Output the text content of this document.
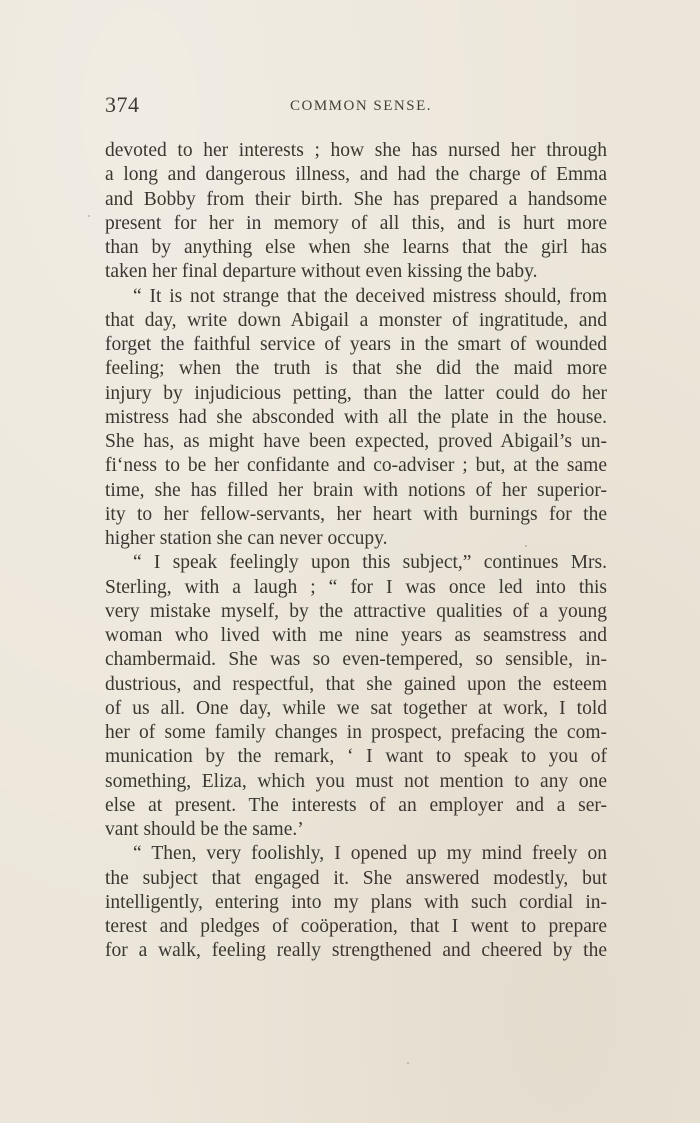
374	COMMON SENSE.
devoted to her interests ; how she has nursed her through
a long and dangerous illness, and had the charge of Emma
and Bobby from their birth. She has prepared a handsome
present for her in memory of all this, and is hurt more
than by anything else when she learns that the girl has
taken her final departure without even kissing the baby.
“ It is not strange that the deceived mistress should, from
that day, write down Abigail a monster of ingratitude, and
forget the faithful service of years in the smart of wounded
feeling; when the truth is that she did the maid more
injury by injudicious petting, than the latter could do her
mistress had she absconded with all the plate in the house.
She has, as might have been expected, proved Abigail’s un-
fi‘ness to be her confidante and co-adviser ; but, at the same
time, she has filled her brain with notions of her superior-
ity to her fellow-servants, her heart with burnings for the
higher station she can never occupy.
“ I speak feelingly upon this subject,” continues Mrs.
Sterling, with a laugh ; “ for I was once led into this
very mistake myself, by the attractive qualities of a young
woman who lived with me nine years as seamstress and
chambermaid. She was so even-tempered, so sensible, in-
dustrious, and respectful, that she gained upon the esteem
of us all. One day, while we sat together at work, I told
her of some family changes in prospect, prefacing the com-
munication by the remark, ‘ I want to speak to you of
something, Eliza, which you must not mention to any one
else at present. The interests of an employer and a ser-
vant should be the same.’
“ Then, very foolishly, I opened up my mind freely on
the subject that engaged it. She answered modestly, but
intelligently, entering into my plans with such cordial in-
terest and pledges of coöperation, that I went to prepare
for a walk, feeling really strengthened and cheered by the
